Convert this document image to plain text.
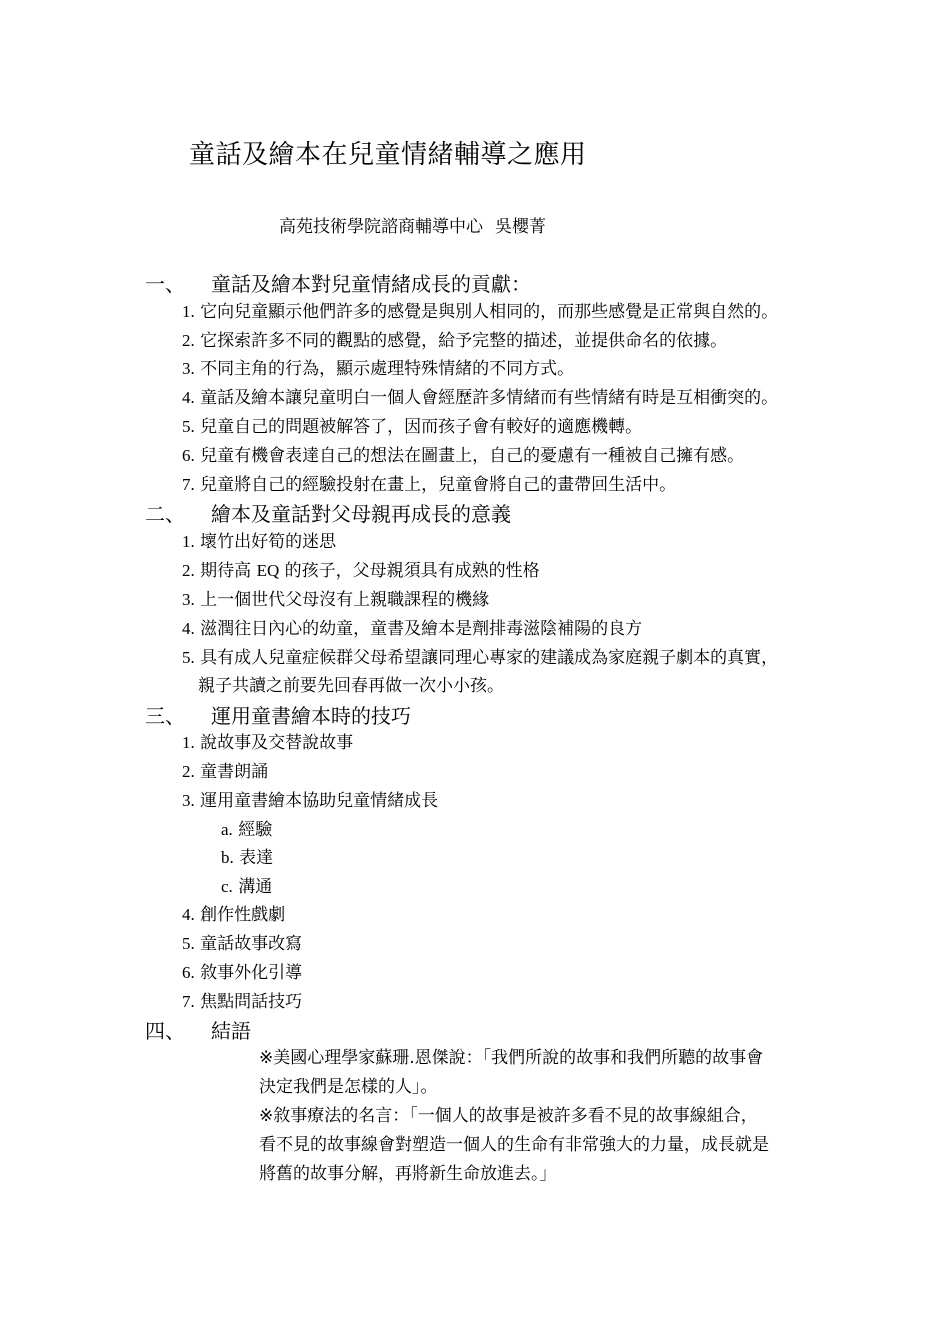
童話及繪本在兒童情緒輔導之應用
高苑技術學院諮商輔導中心 吳櫻菁
一、 童話及繪本對兒童情緒成長的貢獻：
1. 它向兒童顯示他們許多的感覺是與別人相同的，而那些感覺是正常與自然的。
2. 它探索許多不同的觀點的感覺，給予完整的描述，並提供命名的依據。
3. 不同主角的行為，顯示處理特殊情緒的不同方式。
4. 童話及繪本讓兒童明白一個人會經歷許多情緒而有些情緒有時是互相衝突的。
5. 兒童自己的問題被解答了，因而孩子會有較好的適應機轉。
6. 兒童有機會表達自己的想法在圖畫上，自己的憂慮有一種被自己擁有感。
7. 兒童將自己的經驗投射在畫上，兒童會將自己的畫帶回生活中。
二、 繪本及童話對父母親再成長的意義
1. 壞竹出好筍的迷思
2. 期待高 EQ 的孩子，父母親須具有成熟的性格
3. 上一個世代父母沒有上親職課程的機緣
4. 滋潤往日內心的幼童，童書及繪本是劑排毒滋陰補陽的良方
5. 具有成人兒童症候群父母希望讓同理心專家的建議成為家庭親子劇本的真實，
親子共讀之前要先回春再做一次小小孩。
三、 運用童書繪本時的技巧
1. 說故事及交替說故事
2. 童書朗誦
3. 運用童書繪本協助兒童情緒成長
a. 經驗
b. 表達
c. 溝通
4. 創作性戲劇
5. 童話故事改寫
6. 敘事外化引導
7. 焦點問話技巧
四、 結語
※美國心理學家蘇珊.恩傑說：「我們所說的故事和我們所聽的故事會
決定我們是怎樣的人」。
※敘事療法的名言：「一個人的故事是被許多看不見的故事線組合，
看不見的故事線會對塑造一個人的生命有非常強大的力量，成長就是
將舊的故事分解，再將新生命放進去。」
